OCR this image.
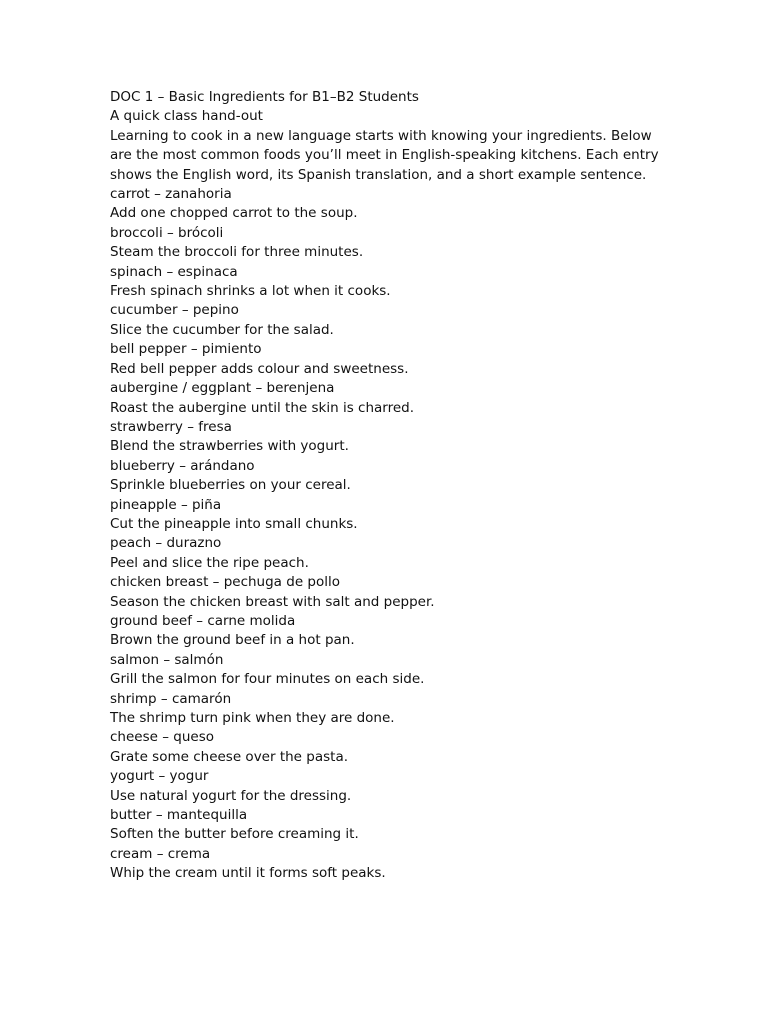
DOC 1 – Basic Ingredients for B1–B2 Students
A quick class hand-out
Learning to cook in a new language starts with knowing your ingredients. Below are the most common foods you’ll meet in English-speaking kitchens. Each entry shows the English word, its Spanish translation, and a short example sentence.
carrot – zanahoria
Add one chopped carrot to the soup.
broccoli – brócoli
Steam the broccoli for three minutes.
spinach – espinaca
Fresh spinach shrinks a lot when it cooks.
cucumber – pepino
Slice the cucumber for the salad.
bell pepper – pimiento
Red bell pepper adds colour and sweetness.
aubergine / eggplant – berenjena
Roast the aubergine until the skin is charred.
strawberry – fresa
Blend the strawberries with yogurt.
blueberry – arándano
Sprinkle blueberries on your cereal.
pineapple – piña
Cut the pineapple into small chunks.
peach – durazno
Peel and slice the ripe peach.
chicken breast – pechuga de pollo
Season the chicken breast with salt and pepper.
ground beef – carne molida
Brown the ground beef in a hot pan.
salmon – salmón
Grill the salmon for four minutes on each side.
shrimp – camarón
The shrimp turn pink when they are done.
cheese – queso
Grate some cheese over the pasta.
yogurt – yogur
Use natural yogurt for the dressing.
butter – mantequilla
Soften the butter before creaming it.
cream – crema
Whip the cream until it forms soft peaks.
